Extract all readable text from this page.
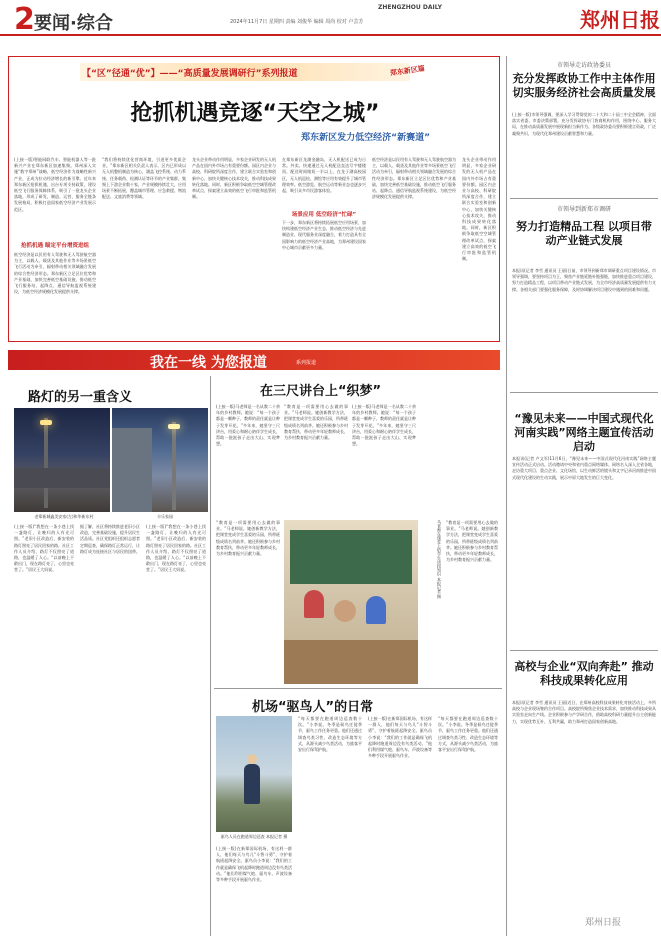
2 要闻·综合
ZHENGZHOU DAILY
2024年11月7日 星期四 责编 刘俊华 编辑 周尚 校对 卢芸芳	郑州日报
【“区”径通“优”】——“高质量发展调研行”系列报道	郑东新区篇
抢抓机遇竞逐“天空之城”
郑东新区发力低空经济“新赛道”
(上接一版)智能网联汽车、智能机器人等一批新兴产业在郑东新区加速集聚。郑州深入实施“数字郑州”战略，低空经济作为战略性新兴产业，正成为拉动经济增长的新引擎。近年来郑东新区抢抓机遇，出台专项支持政策，建设低空飞行服务保障体系，吸引了一批龙头企业落地，形成了研发、制造、运营、服务全链条发展格局，积极打造国家低空经济产业发展示范区。
抢抓机遇 瞄定平台增资进组
低空经济是以民用有人驾驶和无人驾驶航空器为主，以载人、载货及其他作业等多场景低空飞行活动为牵引，辐射带动相关领域融合发展的综合性经济形态。郑东新区立足区位优势和产业基础，加快完善低空基础设施，推动低空飞行服务站、起降点、通信导航监视系统建设，为低空经济规模化发展提供支撑。
“我们将持续优化营商环境，引进更多优质企业。”郑东新区相关负责人表示，区内已形成以无人机整机制造为核心，涵盖飞控系统、动力系统、任务载荷、检测认证等环节的产业集群，集聚上下游企业数十家，产业规模持续壮大，应用场景不断拓展，覆盖城市管理、应急救援、物流配送、文旅消费等领域。
龙头企业带动作用明显，多家企业研发的无人机产品在国内外市场占有重要份额。园区内企业与高校、科研院所深度合作，建立联合实验室和创新中心，加快关键核心技术攻关，推动科技成果转化落地。同时，新区积极争取低空空域管理改革试点，探索建立高效的低空飞行审批和监管机制。
在郑东新区龙湖金融岛，无人机配送已成为日常。外卖、快递通过无人机配送直达写字楼楼顶，配送时间缩短一半以上。在龙子湖高校园区，无人机巡检、测绘等应用有效提升了城市管理效率。低空游览、航空运动等新业态也逐步兴起，吸引众多市民游客体验。
场景应用 低空经济“忙碌”
下一步，郑东新区将持续拓展低空应用场景，加快构建低空经济产业生态，推动低空经济与先进制造业、现代服务业深度融合，着力打造具有全国影响力的低空经济产业高地，为郑州建设国家中心城市贡献更多力量。
低空经济是以民用有人驾驶和无人驾驶航空器为主，以载人、载货及其他作业等多场景低空飞行活动为牵引，辐射带动相关领域融合发展的综合性经济形态。郑东新区立足区位优势和产业基础，加快完善低空基础设施，推动低空飞行服务站、起降点、通信导航监视系统建设，为低空经济规模化发展提供支撑。
龙头企业带动作用明显，多家企业研发的无人机产品在国内外市场占有重要份额。园区内企业与高校、科研院所深度合作，建立联合实验室和创新中心，加快关键核心技术攻关，推动科技成果转化落地。同时，新区积极争取低空空域管理改革试点，探索建立高效的低空飞行审批和监管机制。
市领导走访政协委员
充分发挥政协工作中主体作用 切实服务经济社会高质量发展
(上接一版)市领导强调，要深入学习贯彻党的二十大和二十届三中全会精神，全面落实省委、市委决策部署，充分发挥政协专门协商机构作用，围绕中心、服务大局，在推动高质量发展中展现新担当新作为。各级政协委员要积极建言资政，广泛凝聚共识，为现代化郑州建设贡献智慧和力量。
市领导到新郑市调研
努力打造精品工程 以项目带动产业链式发展
本报讯(记者 李雪 通讯员 王丽)日前，市领导到新郑市调研重点项目建设情况。市领导强调，要坚持项目为王，聚焦产业链延链补链强链，加快推进重点项目建设，努力打造精品工程，以项目带动产业链式发展，为全市经济高质量发展提供有力支撑。各相关部门要强化服务保障，及时协调解决项目建设中遇到的困难和问题。
“豫见未来——中国式现代化河南实践”网络主题宣传活动启动
本报讯(记者 卢文军)11月6日，“豫见未来——中国式现代化河南实践”网络主题宣传活动正式启动。活动邀请中央和省内重点网络媒体、网络名人深入全省各地，走访重大项目、重点企业、文化场馆，以生动鲜活的镜头和文字记录河南推进中国式现代化建设的生动实践，展示中原大地发生的巨大变化。
高校与企业“双向奔赴” 推动科技成果转化应用
本报讯(记者 李雪 通讯员 王丽)近日，在郑州高校科技成果转化对接活动上，多所高校与企业现场签约合作项目。高校院所聚焦企业技术需求，加快推动科技成果从实验室走向生产线。企业积极参与产学研合作，借助高校科研力量提升自主创新能力，实现优势互补、互利共赢，助力郑州打造国家创新高地。
我在一线 为您报道	系列报道
路灯的另一重含义
老郑新城鑫美安家(左)和华新东村	丰乐家园
(上接一版)“我想在一条小巷上找一盏路灯，让晚归的人有光可照。”老旧小区改造后，新安装的路灯照亮了居民回家的路。社区工作人员介绍，路灯不仅照亮了道路，也温暖了人心。“以前晚上不敢出门，现在路灯亮了，心里也亮堂了。”居民王大妈说。
据了解，社区将持续推进老旧小区改造，完善基础设施，提升居民生活品质。社区党组织还组织志愿者定期巡查，确保路灯正常运行，让路灯成为连接社区与居民的纽带。
(上接一版)“我想在一条小巷上找一盏路灯，让晚归的人有光可照。”老旧小区改造后，新安装的路灯照亮了居民回家的路。社区工作人员介绍，路灯不仅照亮了道路，也温暖了人心。“以前晚上不敢出门，现在路灯亮了，心里也亮堂了。”居民王大妈说。
在三尺讲台上“织梦”
(上接一版)马老师是一名从教二十余年的乡村教师。她说：“每一个孩子都是一颗种子，教师的责任就是让种子发芽开花。”多年来，她坚守三尺讲台，用爱心和耐心陪伴学生成长，帮助一批批孩子走出大山、实现梦想。
“教育是一项需要用心去做的事业。”马老师说。她创新教学方法，把课堂变成学生喜爱的乐园，所带班级成绩名列前茅。她还积极参与乡村教育帮扶，带动更多年轻教师成长，为乡村教育振兴贡献力量。
(上接一版)马老师是一名从教二十余年的乡村教师。她说：“每一个孩子都是一颗种子，教师的责任就是让种子发芽开花。”多年来，她坚守三尺讲台，用爱心和耐心陪伴学生成长，帮助一批批孩子走出大山、实现梦想。
“教育是一项需要用心去做的事业。”马老师说。她创新教学方法，把课堂变成学生喜爱的乐园，所带班级成绩名列前茅。她还积极参与乡村教育帮扶，带动更多年轻教师成长，为乡村教育振兴贡献力量。	马老师在课堂上给学生讲授知识 本报记者 摄 “教育是一项需要用心去做的事业。”马老师说。她创新教学方法，把课堂变成学生喜爱的乐园，所带班级成绩名列前茅。她还积极参与乡村教育帮扶，带动更多年轻教师成长，为乡村教育振兴贡献力量。
机场“驱鸟人”的日常
驱鸟人员在跑道周边巡查 本报记者 摄
(上接一版)在新郑国际机场，有这样一群人，他们每天与鸟儿“斗智斗勇”，守护着航班起降安全。驱鸟员小李说：“我们的工作就是确保飞机起降时跑道周边没有鸟类活动。”他们利用煤气炮、驱鸟车、声波设备等多种手段开展驱鸟作业。
“每天都要在跑道周边巡查数十次。”小李说。冬季是候鸟迁徙季节，驱鸟工作任务更重。他们还通过调查鸟类习性、改造生态环境等方式，从源头减少鸟类活动，为旅客平安出行保驾护航。
(上接一版)在新郑国际机场，有这样一群人，他们每天与鸟儿“斗智斗勇”，守护着航班起降安全。驱鸟员小李说：“我们的工作就是确保飞机起降时跑道周边没有鸟类活动。”他们利用煤气炮、驱鸟车、声波设备等多种手段开展驱鸟作业。
“每天都要在跑道周边巡查数十次。”小李说。冬季是候鸟迁徙季节，驱鸟工作任务更重。他们还通过调查鸟类习性、改造生态环境等方式，从源头减少鸟类活动，为旅客平安出行保驾护航。
郑州日报
